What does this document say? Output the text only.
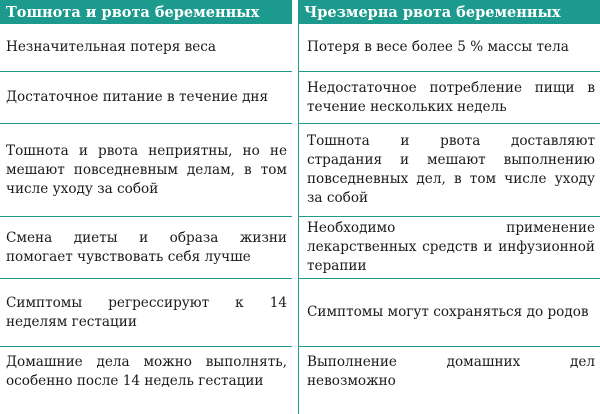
Тошнота и рвота беременных		Чрезмерна рвота беременных
Незначительная потеря веса		Потеря в весе более 5 % массы тела
Достаточное питание в течение дня		Недостаточное потребление пищи в течение нескольких недель
Тошнота и рвота неприятны, но не мешают повседневным делам, в том числе уходу за собой		Тошнота и рвота доставляют страдания и мешают выполнению повседневных дел, в том числе уходу за собой
Смена диеты и образа жизни помогает чувствовать себя лучше		Необходимо применение лекарственных средств и инфузионной терапии
Симптомы регрессируют к 14 неделям гестации		Симптомы могут сохраняться до родов
Домашние дела можно выполнять, особенно после 14 недель гестации		Выполнение домашних дел невозможно
